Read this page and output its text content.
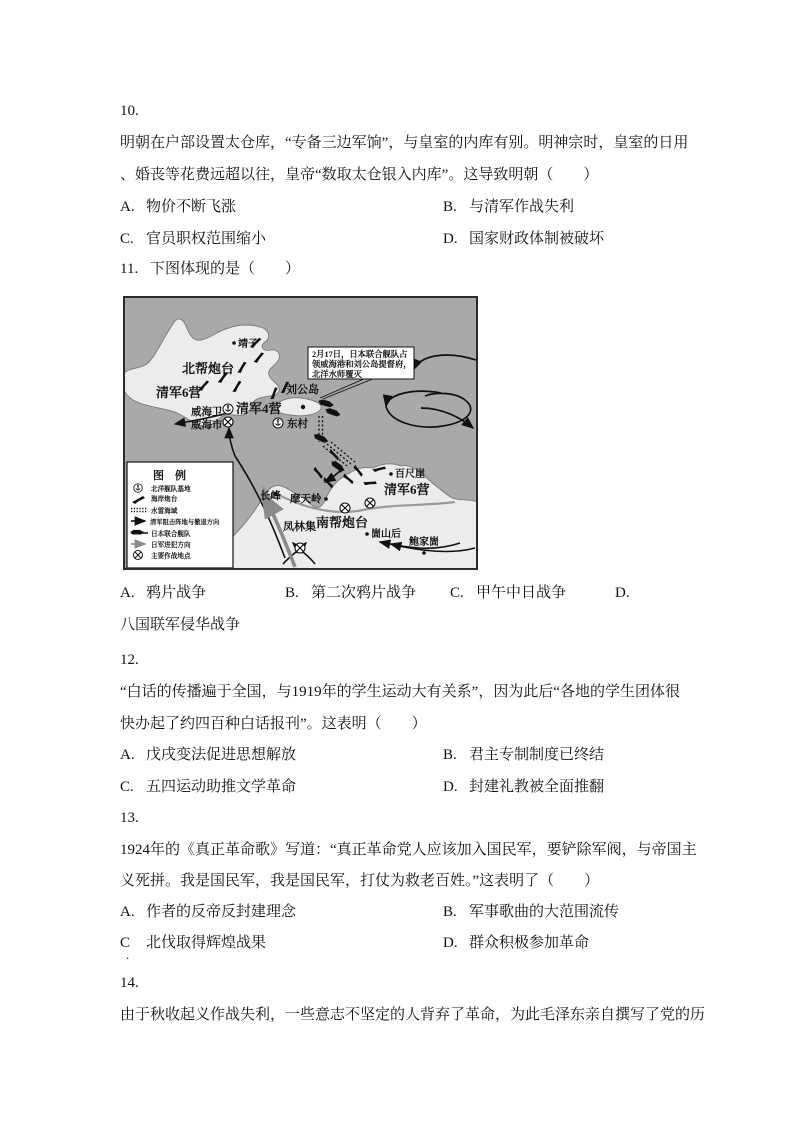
10.
明朝在户部设置太仓库，“专备三边军饷”，与皇室的内库有别。明神宗时，皇室的日用
、婚丧等花费远超以往，皇帝“数取太仓银入内库”。这导致明朝（　　）
A. 物价不断飞涨	B. 与清军作战失利
C. 官员职权范围缩小	D. 国家财政体制被破坏
11. 下图体现的是（　　）
靖子
北帮炮台
清军6营
威海卫
威海市
清军4营
刘公岛
东村
长峰 摩天岭
清军6营
百尺崖
凤林集 南帮炮台
崮山后
鲍家崮
2月17日，日本联合舰队占
领威海港和刘公岛提督府，
北洋水师覆灭
图　例
北洋舰队基地
海岸炮台
水雷海域
清军阻击阵地与撤退方向
日本联合舰队
日军进犯方向
主要作战地点
A. 鸦片战争	B. 第二次鸦片战争 C. 甲午中日战争	D.
八国联军侵华战争
12.
“白话的传播遍于全国，与1919年的学生运动大有关系”，因为此后“各地的学生团体很
快办起了约四百种白话报刊”。这表明（　　）
A. 戊戌变法促进思想解放	B. 君主专制制度已终结
C. 五四运动助推文学革命	D. 封建礼教被全面推翻
13.
1924年的《真正革命歌》写道：“真正革命党人应该加入国民军，要铲除军阀，与帝国主
义死拼。我是国民军，我是国民军，打仗为救老百姓。”这表明了（　　）
A. 作者的反帝反封建理念	B. 军事歌曲的大范围流传
C 北伐取得辉煌战果	D. 群众积极参加革命
.
14.
由于秋收起义作战失利，一些意志不坚定的人背弃了革命，为此毛泽东亲自撰写了党的历
